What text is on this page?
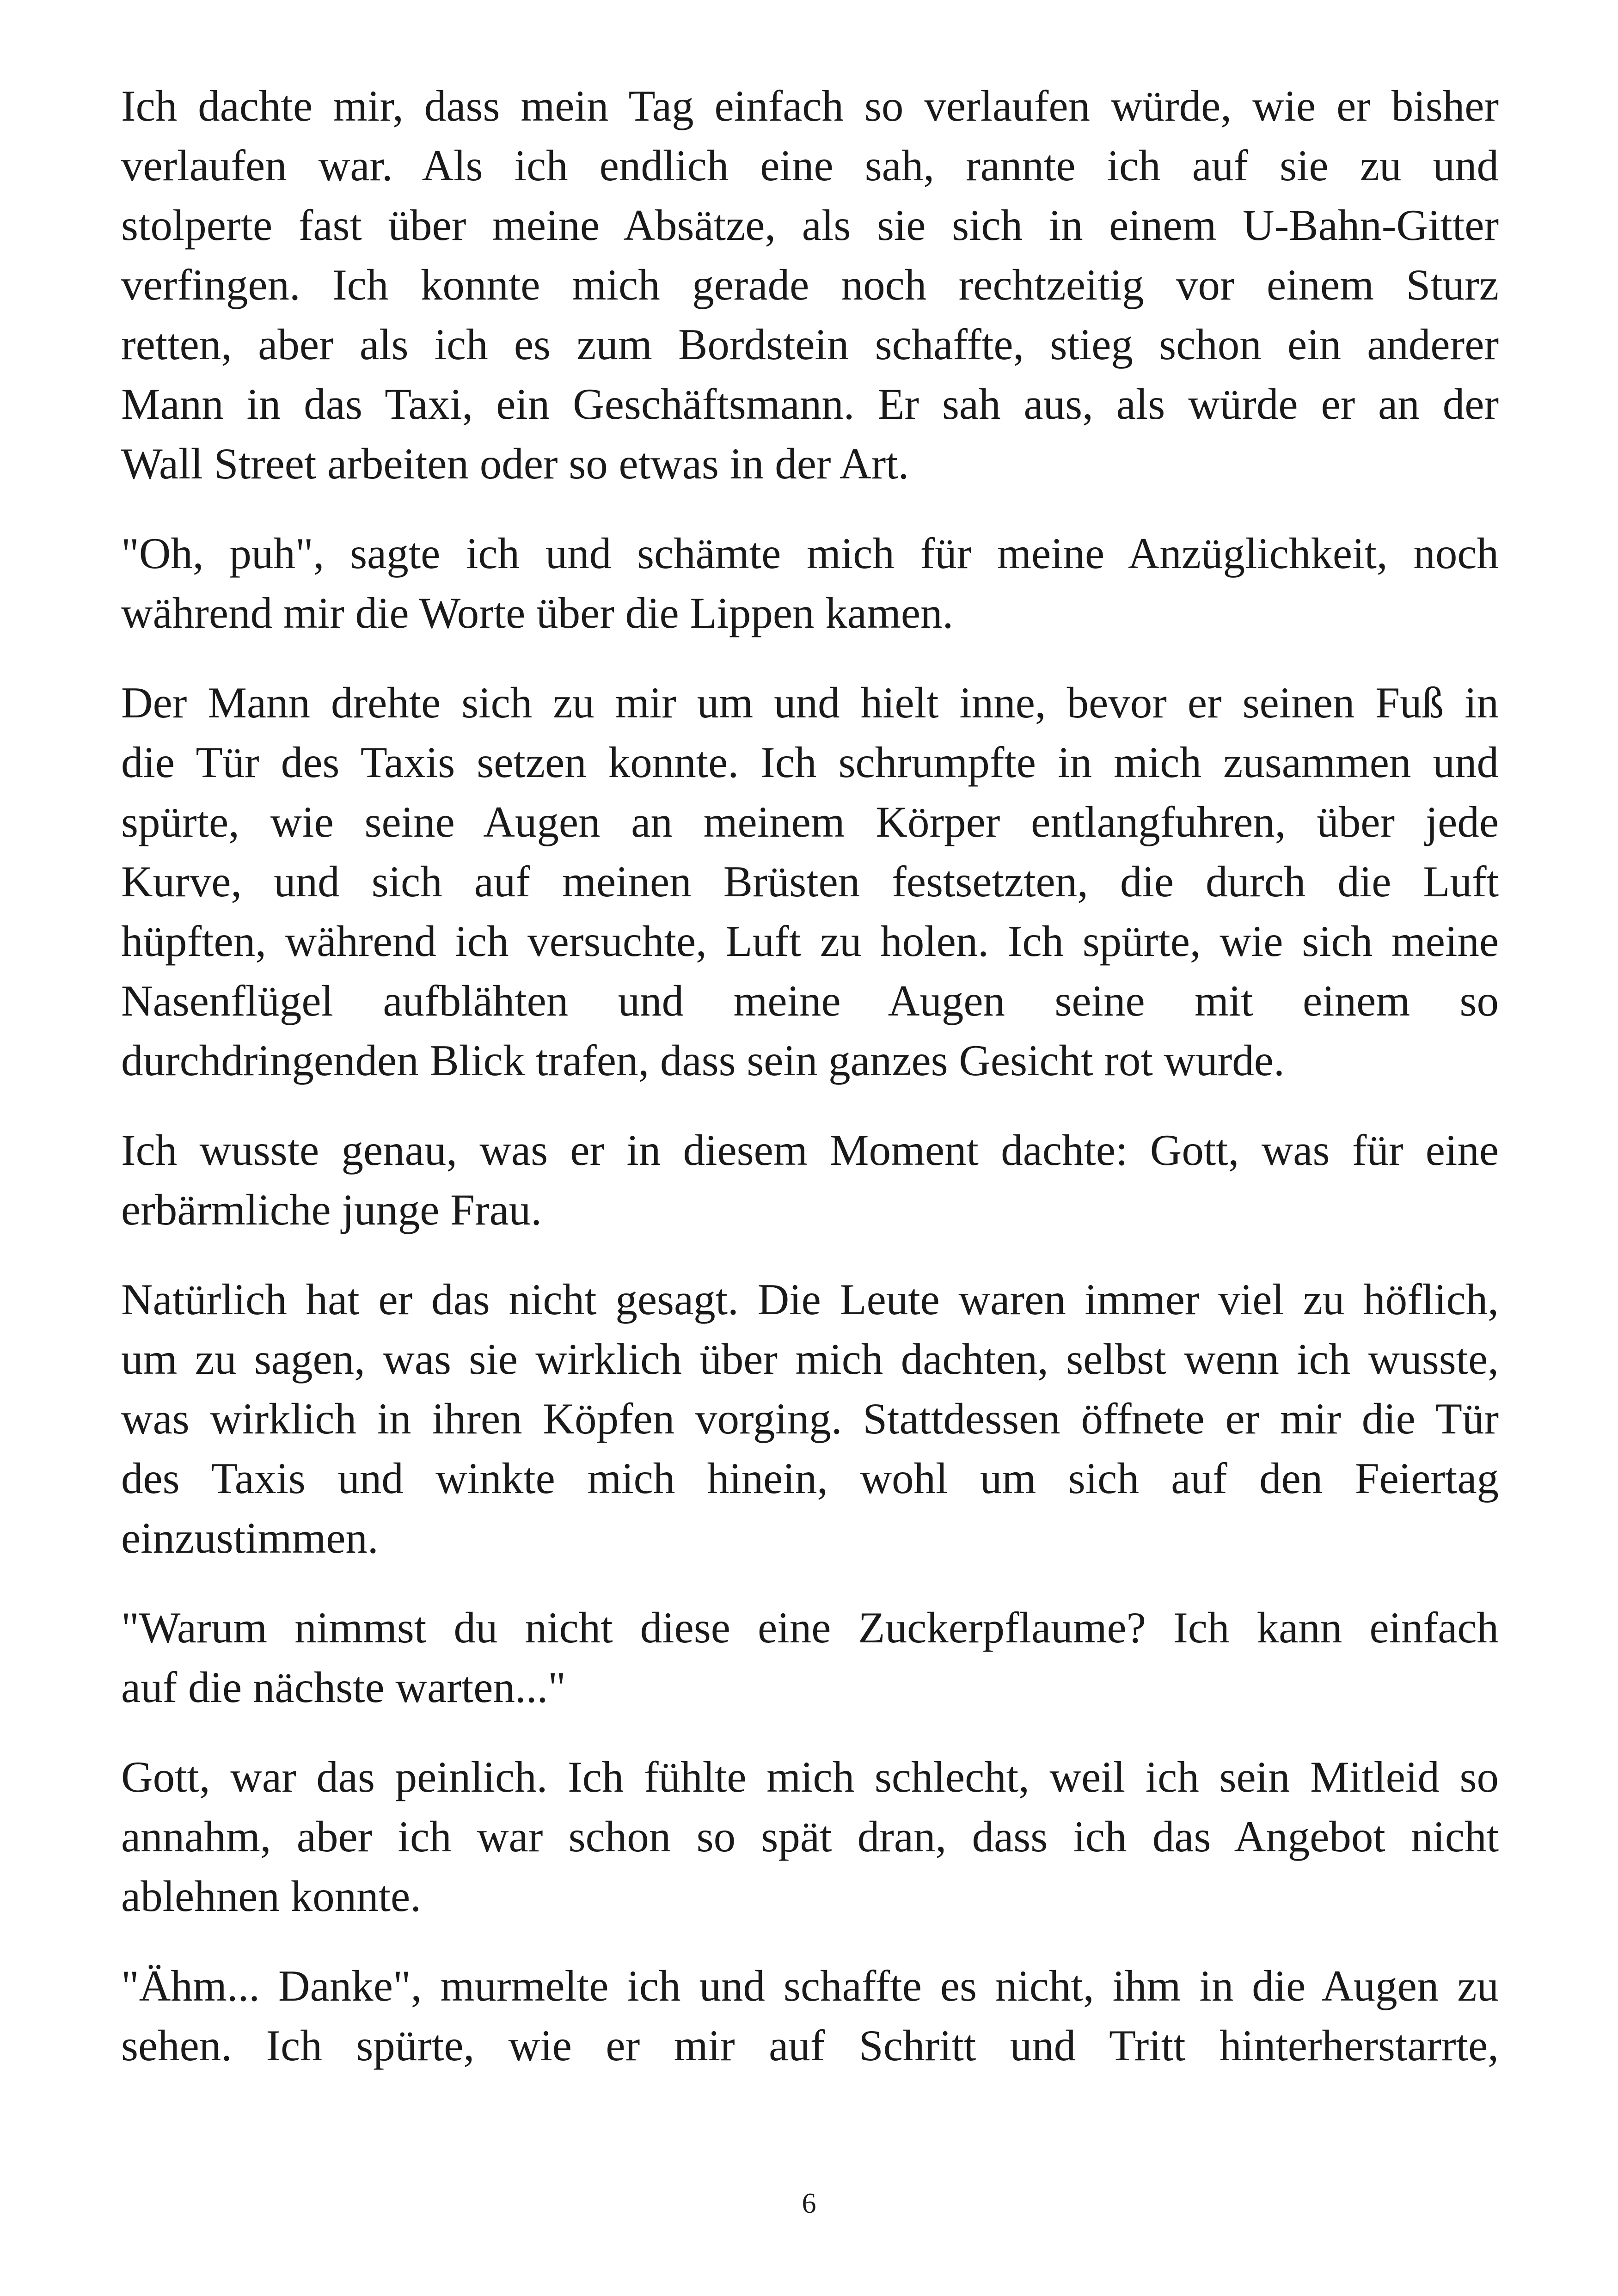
Ich dachte mir, dass mein Tag einfach so verlaufen würde, wie er bisher
verlaufen war. Als ich endlich eine sah, rannte ich auf sie zu und
stolperte fast über meine Absätze, als sie sich in einem U-Bahn-Gitter
verfingen. Ich konnte mich gerade noch rechtzeitig vor einem Sturz
retten, aber als ich es zum Bordstein schaffte, stieg schon ein anderer
Mann in das Taxi, ein Geschäftsmann. Er sah aus, als würde er an der
Wall Street arbeiten oder so etwas in der Art.

"Oh, puh", sagte ich und schämte mich für meine Anzüglichkeit, noch
während mir die Worte über die Lippen kamen.

Der Mann drehte sich zu mir um und hielt inne, bevor er seinen Fuß in
die Tür des Taxis setzen konnte. Ich schrumpfte in mich zusammen und
spürte, wie seine Augen an meinem Körper entlangfuhren, über jede
Kurve, und sich auf meinen Brüsten festsetzten, die durch die Luft
hüpften, während ich versuchte, Luft zu holen. Ich spürte, wie sich meine
Nasenflügel aufblähten und meine Augen seine mit einem so
durchdringenden Blick trafen, dass sein ganzes Gesicht rot wurde.

Ich wusste genau, was er in diesem Moment dachte: Gott, was für eine
erbärmliche junge Frau.

Natürlich hat er das nicht gesagt. Die Leute waren immer viel zu höflich,
um zu sagen, was sie wirklich über mich dachten, selbst wenn ich wusste,
was wirklich in ihren Köpfen vorging. Stattdessen öffnete er mir die Tür
des Taxis und winkte mich hinein, wohl um sich auf den Feiertag
einzustimmen.

"Warum nimmst du nicht diese eine Zuckerpflaume? Ich kann einfach
auf die nächste warten..."

Gott, war das peinlich. Ich fühlte mich schlecht, weil ich sein Mitleid so
annahm, aber ich war schon so spät dran, dass ich das Angebot nicht
ablehnen konnte.

"Ähm... Danke", murmelte ich und schaffte es nicht, ihm in die Augen zu
sehen. Ich spürte, wie er mir auf Schritt und Tritt hinterherstarrte,

6
